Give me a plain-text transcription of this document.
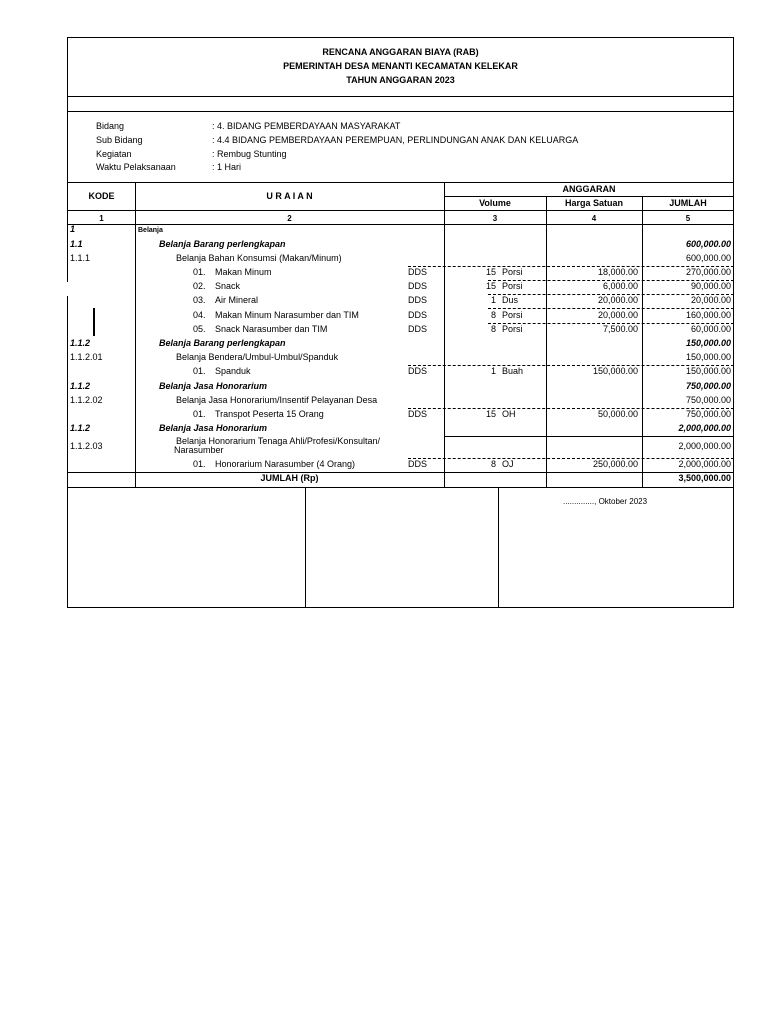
RENCANA ANGGARAN BIAYA (RAB)
PEMERINTAH DESA MENANTI KECAMATAN KELEKAR
TAHUN ANGGARAN 2023
Bidang	: 4. BIDANG PEMBERDAYAAN MASYARAKAT
Sub Bidang	: 4.4 BIDANG PEMBERDAYAAN PEREMPUAN, PERLINDUNGAN ANAK DAN KELUARGA
Kegiatan	: Rembug Stunting
Waktu Pelaksanaan	: 1 Hari
KODE	U R A I A N
ANGGARAN
Volume	Harga Satuan	JUMLAH
1	2	3	4	5
1	Belanja
1.1	Belanja Barang perlengkapan	600,000.00
1.1.1	Belanja Bahan Konsumsi (Makan/Minum)	600,000.00
01. Makan Minum	DDS	15 Porsi	18,000.00	270,000.00
02. Snack	DDS	15 Porsi	6,000.00	90,000.00
03. Air Mineral	DDS	1 Dus	20,000.00	20,000.00
04. Makan Minum Narasumber dan TIM	DDS	8 Porsi	20,000.00	160,000.00
05. Snack Narasumber dan TIM	DDS	8 Porsi	7,500.00	60,000.00
1.1.2	Belanja Barang perlengkapan	150,000.00
1.1.2.01	Belanja Bendera/Umbul-Umbul/Spanduk	150,000.00
01. Spanduk	DDS	1 Buah	150,000.00	150,000.00
1.1.2	Belanja Jasa Honorarium	750,000.00
1.1.2.02	Belanja Jasa Honorarium/Insentif Pelayanan Desa	750,000.00
01. Transpot Peserta 15 Orang	DDS	15 OH	50,000.00	750,000.00
1.1.2	Belanja Jasa Honorarium	2,000,000.00
1.1.2.03	Belanja Honorarium Tenaga Ahli/Profesi/Konsultan/
Narasumber	2,000,000.00
01. Honorarium Narasumber (4 Orang)	DDS	8 OJ	250,000.00	2,000,000.00
JUMLAH (Rp)	3,500,000.00
.............., Oktober 2023
